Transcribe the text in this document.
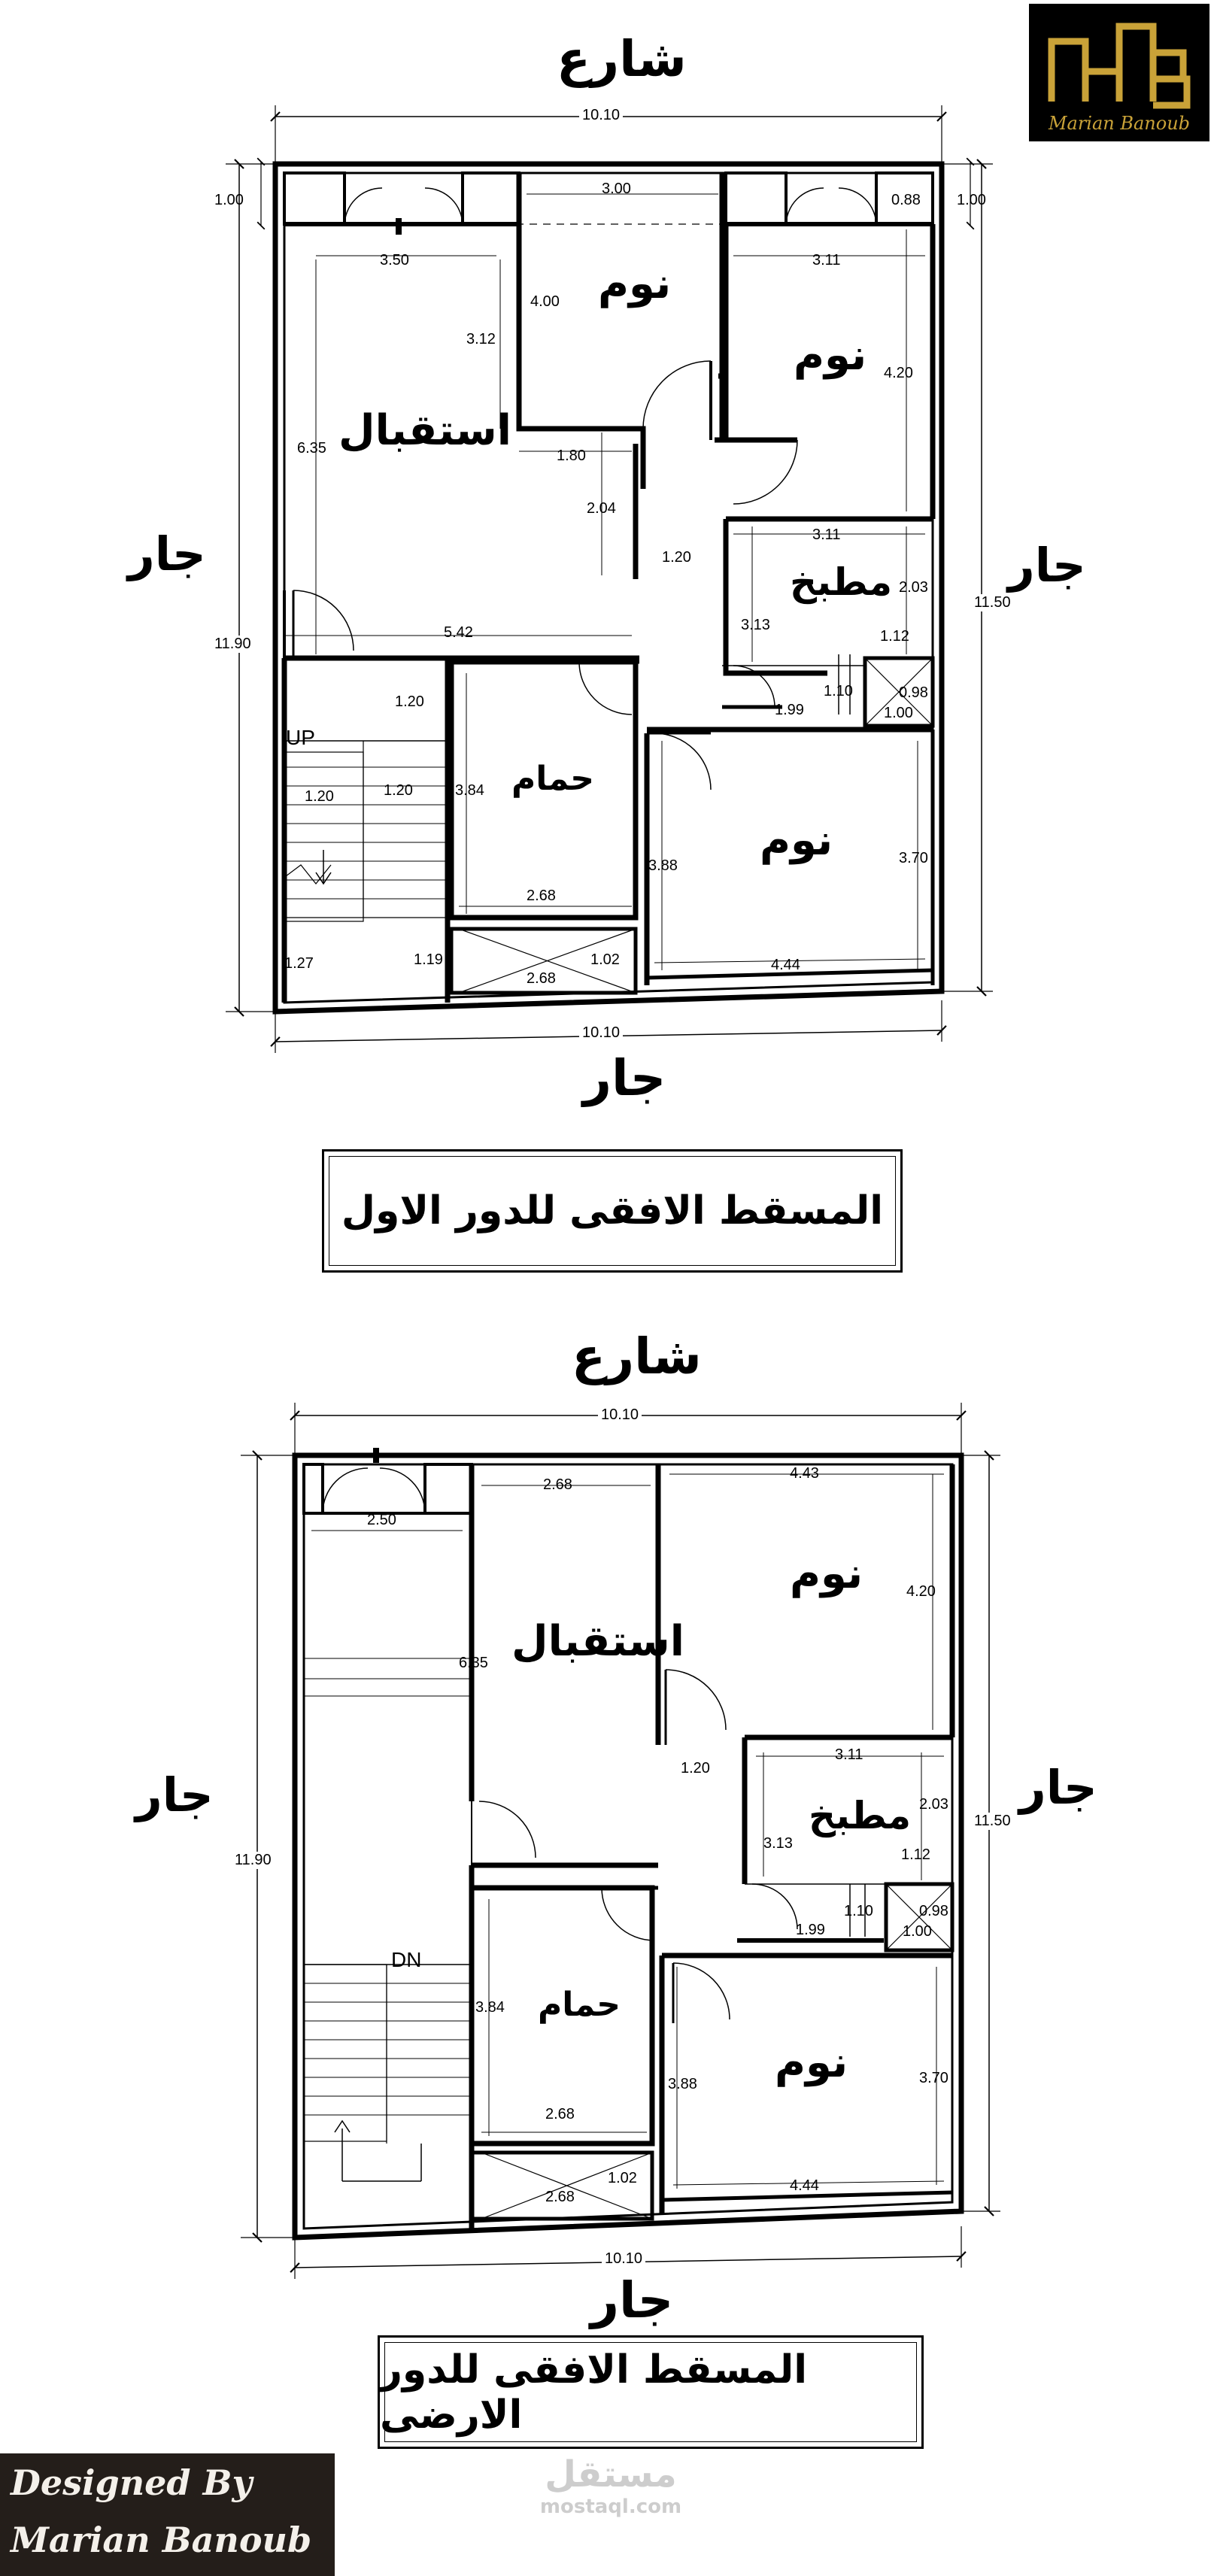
Marian Banoub
شارع
جار	جار
جار
استقبال
نوم
نوم
مطبخ
حمام
نوم
UP
10.10
10.10
1.00	1.00
0.88
3.50
3.12
6.35
3.00
4.00
3.11
4.20
1.80
2.04
1.20
3.11
2.03
3.13
1.12
1.10
1.99
0.98
1.00
11.90
11.50
5.42
1.20
1.20	1.20	3.84
2.68
2.68
1.02
3.88	3.70
4.44
1.27	1.19
المسقط الافقى للدور الاول
شارع
جار	جار
جار
استقبال
نوم
مطبخ
حمام
نوم
DN
10.10
10.10
2.50
2.68
6.35
4.43
4.20
1.20
3.11
2.03
3.13
1.12
1.10
1.99
0.98
1.00
11.90
11.50
3.84
2.68
2.68
1.02
3.88	3.70
4.44
المسقط الافقى للدور الارضى
مستقل
mostaql.com
Designed By
Marian Banoub
